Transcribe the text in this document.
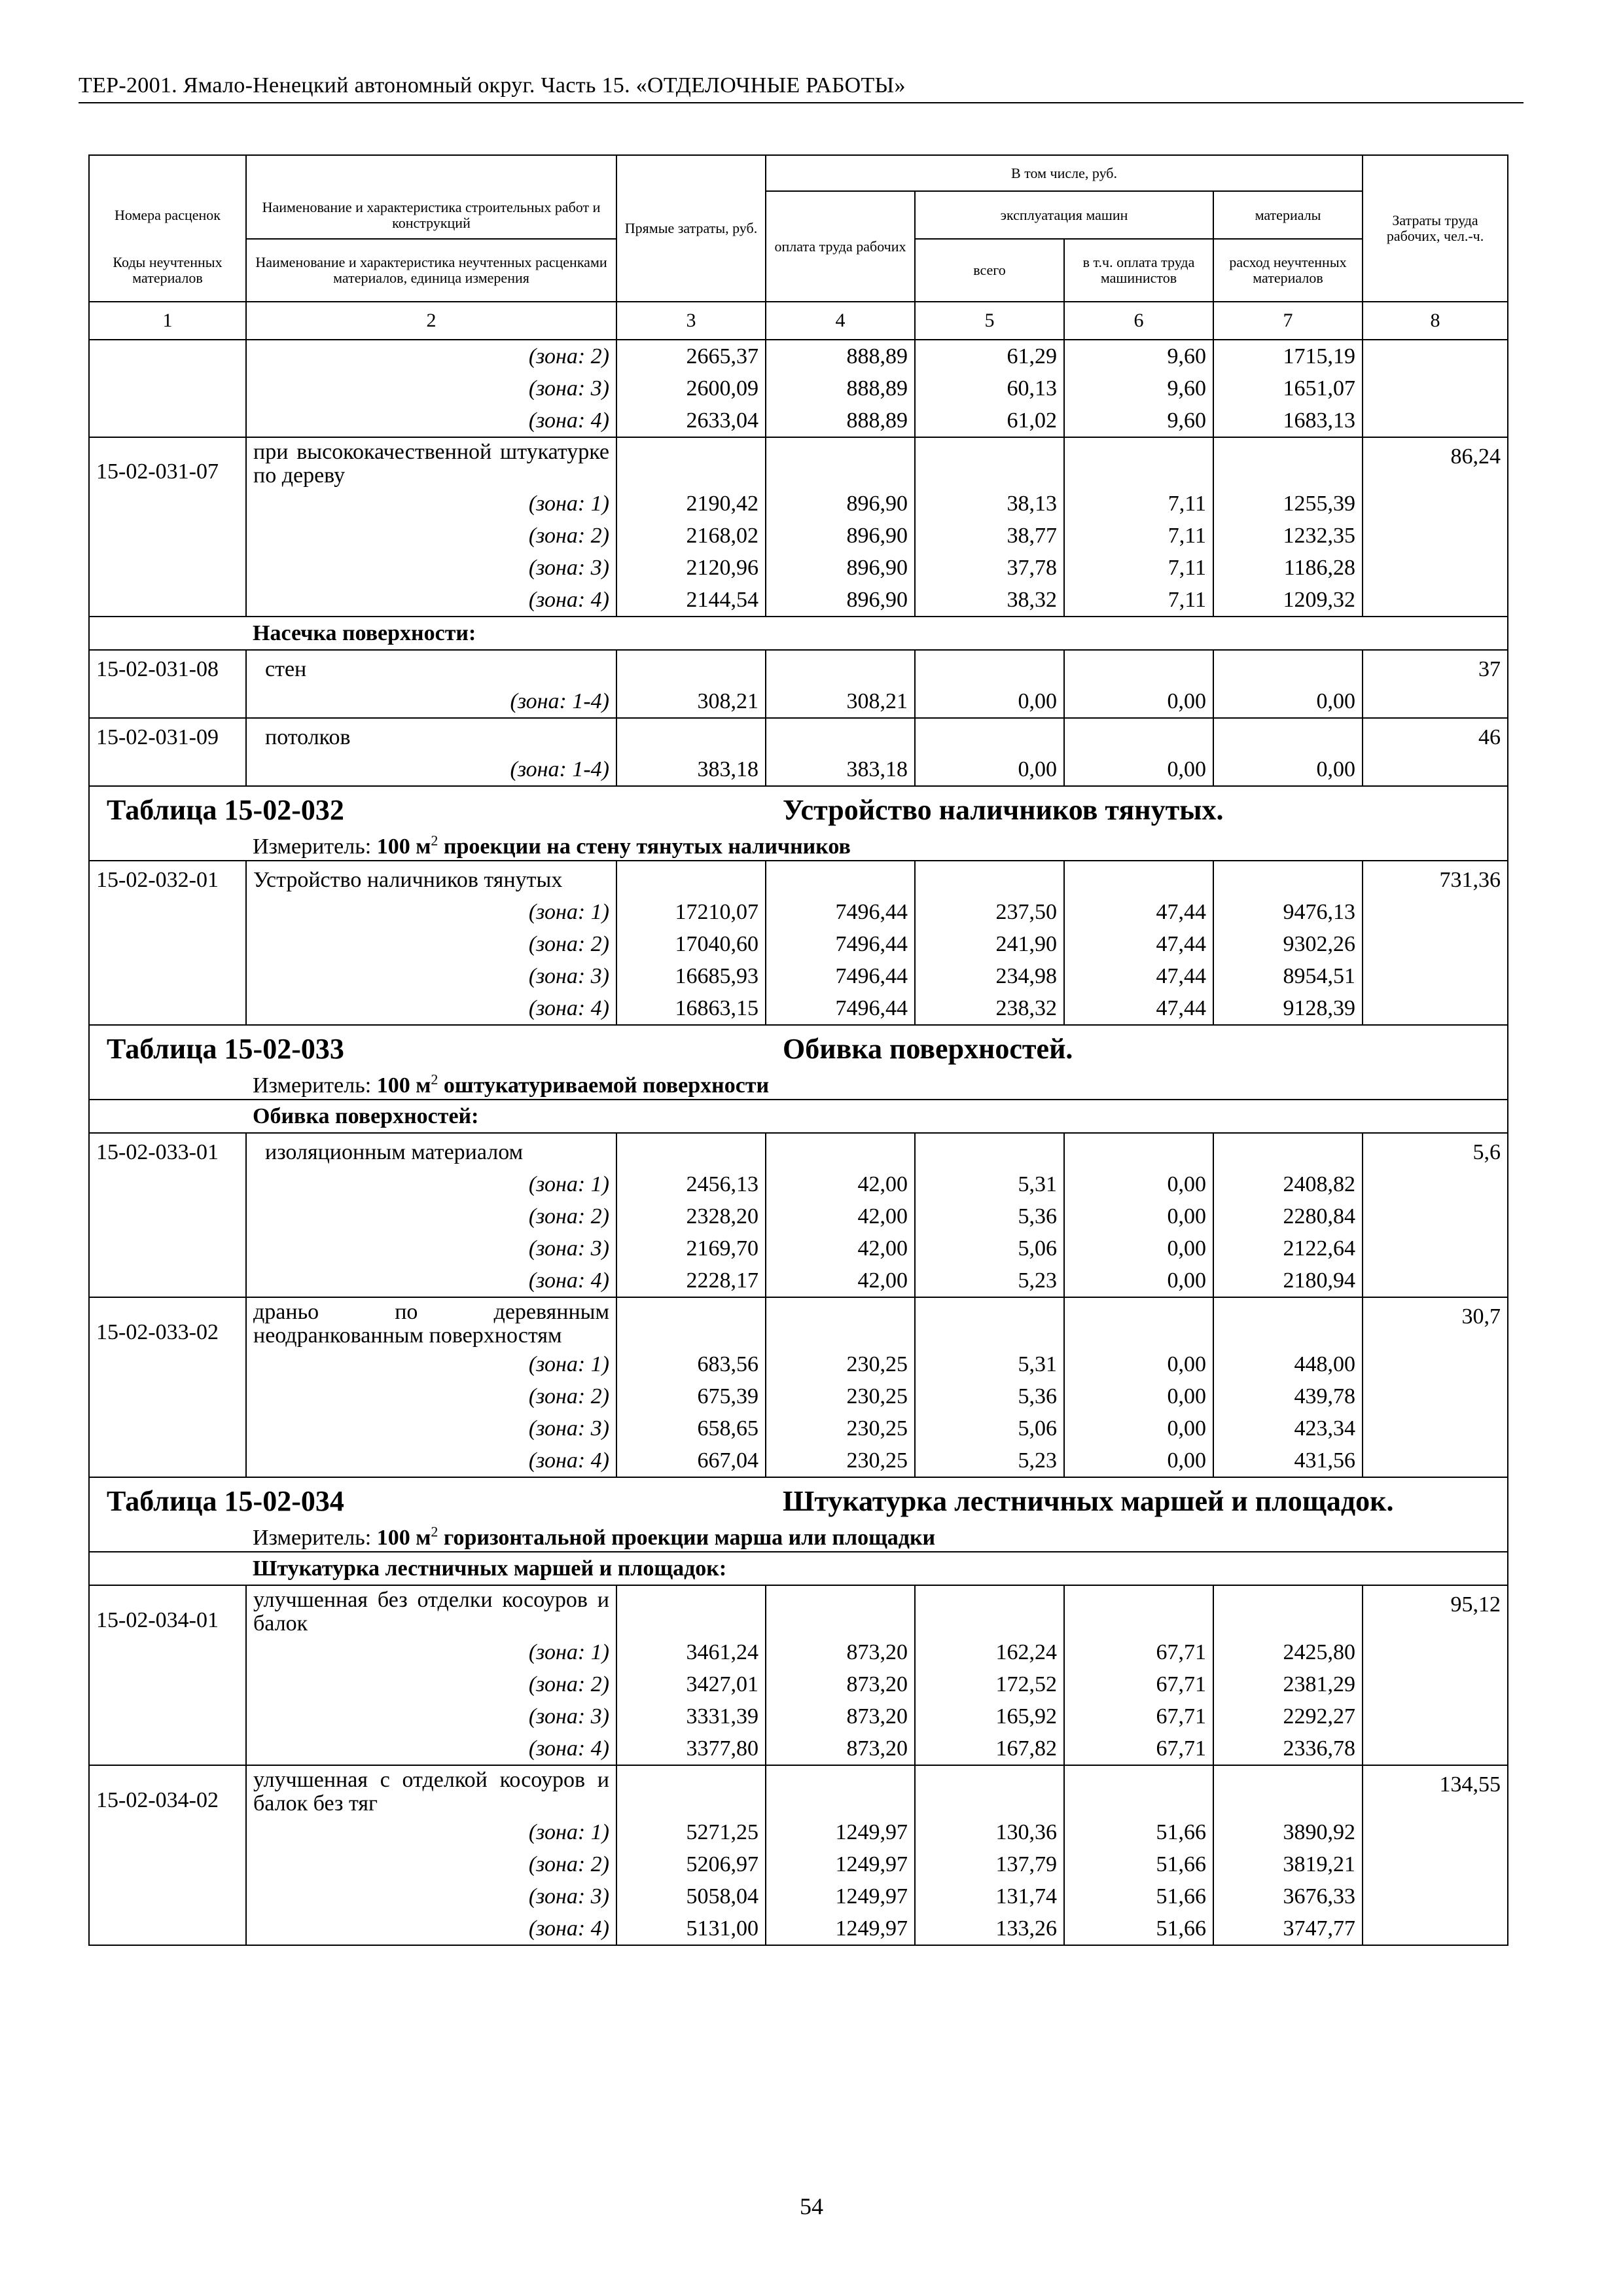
ТЕР-2001. Ямало-Ненецкий автономный округ. Часть 15. «ОТДЕЛОЧНЫЕ РАБОТЫ»
		Прямые затраты, руб.	В том числе, руб.				Затраты труда рабочих, чел.-ч.

Номера расценок	Наименование и характеристика строительных работ и конструкций		оплата труда рабочих	эксплуатация машин		материалы	
Коды неучтенных материалов	Наименование и характеристика неучтенных расценками материалов, единица измерения			всего	в т.ч. оплата труда машинистов	расход неучтенных материалов	
1	2	3	4	5	6	7	8
	(зона: 2)	2665,37	888,89	61,29	9,60	1715,19	
	(зона: 3)	2600,09	888,89	60,13	9,60	1651,07	
	(зона: 4)	2633,04	888,89	61,02	9,60	1683,13	
15-02-031-07	при высококачественной штукатурке по дереву						86,24
	(зона: 1)	2190,42	896,90	38,13	7,11	1255,39	
	(зона: 2)	2168,02	896,90	38,77	7,11	1232,35	
	(зона: 3)	2120,96	896,90	37,78	7,11	1186,28	
	(зона: 4)	2144,54	896,90	38,32	7,11	1209,32	
	Насечка поверхности:						
15-02-031-08	стен						37
	(зона: 1-4)	308,21	308,21	0,00	0,00	0,00	
15-02-031-09	потолков						46
	(зона: 1-4)	383,18	383,18	0,00	0,00	0,00	
Таблица 15-02-032			Устройство наличников тянутых.				
	Измеритель: 100 $м^2$ проекции на стену тянутых наличников						
15-02-032-01	Устройство наличников тянутых						731,36
	(зона: 1)	17210,07	7496,44	237,50	47,44	9476,13	
	(зона: 2)	17040,60	7496,44	241,90	47,44	9302,26	
	(зона: 3)	16685,93	7496,44	234,98	47,44	8954,51	
	(зона: 4)	16863,15	7496,44	238,32	47,44	9128,39	
Таблица 15-02-033			Обивка поверхностей.				
	Измеритель: 100 $м^2$ оштукатуриваемой поверхности						
	Обивка поверхностей:						
15-02-033-01	изоляционным материалом						5,6
	(зона: 1)	2456,13	42,00	5,31	0,00	2408,82	
	(зона: 2)	2328,20	42,00	5,36	0,00	2280,84	
	(зона: 3)	2169,70	42,00	5,06	0,00	2122,64	
	(зона: 4)	2228,17	42,00	5,23	0,00	2180,94	
15-02-033-02	драньо по деревянным неодранкованным поверхностям						30,7
	(зона: 1)	683,56	230,25	5,31	0,00	448,00	
	(зона: 2)	675,39	230,25	5,36	0,00	439,78	
	(зона: 3)	658,65	230,25	5,06	0,00	423,34	
	(зона: 4)	667,04	230,25	5,23	0,00	431,56	
Таблица 15-02-034			Штукатурка лестничных маршей и площадок.				
	Измеритель: 100 $м^2$ горизонтальной проекции марша или площадки						
	Штукатурка лестничных маршей и площадок:						
15-02-034-01	улучшенная без отделки косоуров и балок						95,12
	(зона: 1)	3461,24	873,20	162,24	67,71	2425,80	
	(зона: 2)	3427,01	873,20	172,52	67,71	2381,29	
	(зона: 3)	3331,39	873,20	165,92	67,71	2292,27	
	(зона: 4)	3377,80	873,20	167,82	67,71	2336,78	
15-02-034-02	улучшенная с отделкой косоуров и балок без тяг						134,55
	(зона: 1)	5271,25	1249,97	130,36	51,66	3890,92	
	(зона: 2)	5206,97	1249,97	137,79	51,66	3819,21	
	(зона: 3)	5058,04	1249,97	131,74	51,66	3676,33	
	(зона: 4)	5131,00	1249,97	133,26	51,66	3747,77	
54
